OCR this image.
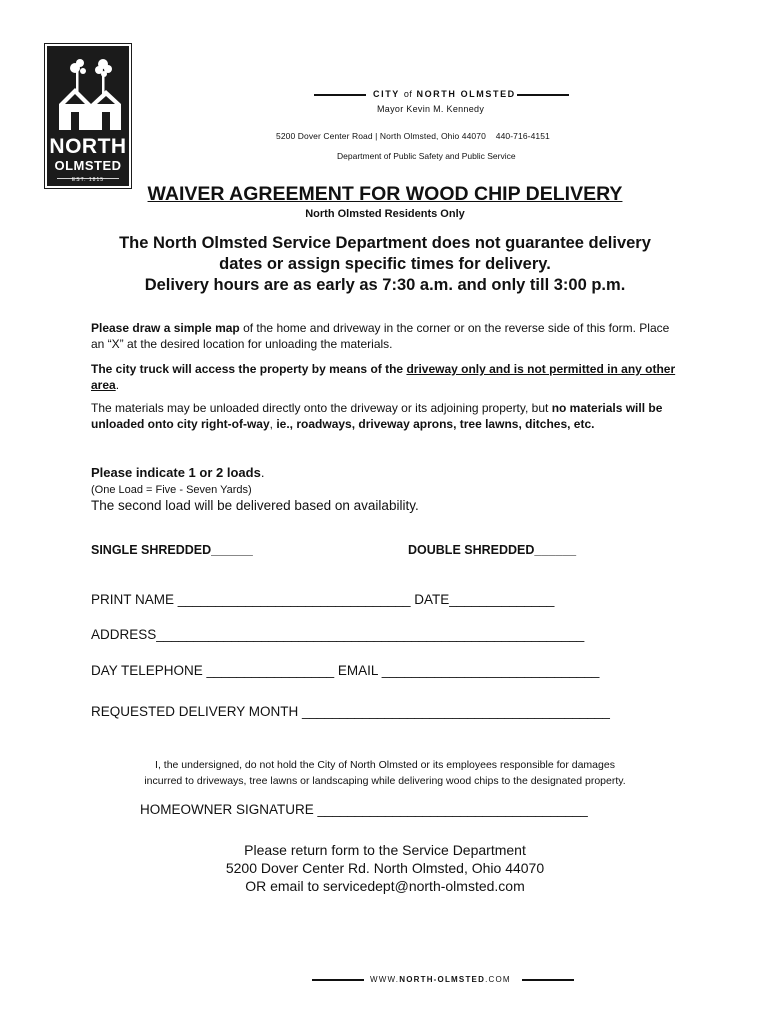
NORTH
OLMSTED
EST. 1815
CITY of NORTH OLMSTED
Mayor Kevin M. Kennedy
5200 Dover Center Road | North Olmsted, Ohio 44070    440-716-4151
Department of Public Safety and Public Service
WAIVER AGREEMENT FOR WOOD CHIP DELIVERY
North Olmsted Residents Only
The North Olmsted Service Department does not guarantee delivery
dates or assign specific times for delivery.
Delivery hours are as early as 7:30 a.m. and only till 3:00 p.m.
Please draw a simple map of the home and driveway in the corner or on the reverse side of this form. Place an “X” at the desired location for unloading the materials.
The city truck will access the property by means of the driveway only and is not permitted in any other area.
The materials may be unloaded directly onto the driveway or its adjoining property, but no materials will be unloaded onto city right-of-way, ie., roadways, driveway aprons, tree lawns, ditches, etc.
Please indicate 1 or 2 loads.
(One Load = Five - Seven Yards)
The second load will be delivered based on availability.
SINGLE SHREDDED______	DOUBLE SHREDDED______
PRINT NAME _______________________________ DATE______________
ADDRESS_________________________________________________________
DAY TELEPHONE _________________ EMAIL _____________________________
REQUESTED DELIVERY MONTH _________________________________________
I, the undersigned, do not hold the City of North Olmsted or its employees responsible for damages
incurred to driveways, tree lawns or landscaping while delivering wood chips to the designated property.
HOMEOWNER SIGNATURE ____________________________________
Please return form to the Service Department
5200 Dover Center Rd. North Olmsted, Ohio 44070
OR email to servicedept@north-olmsted.com
WWW.NORTH-OLMSTED.COM
